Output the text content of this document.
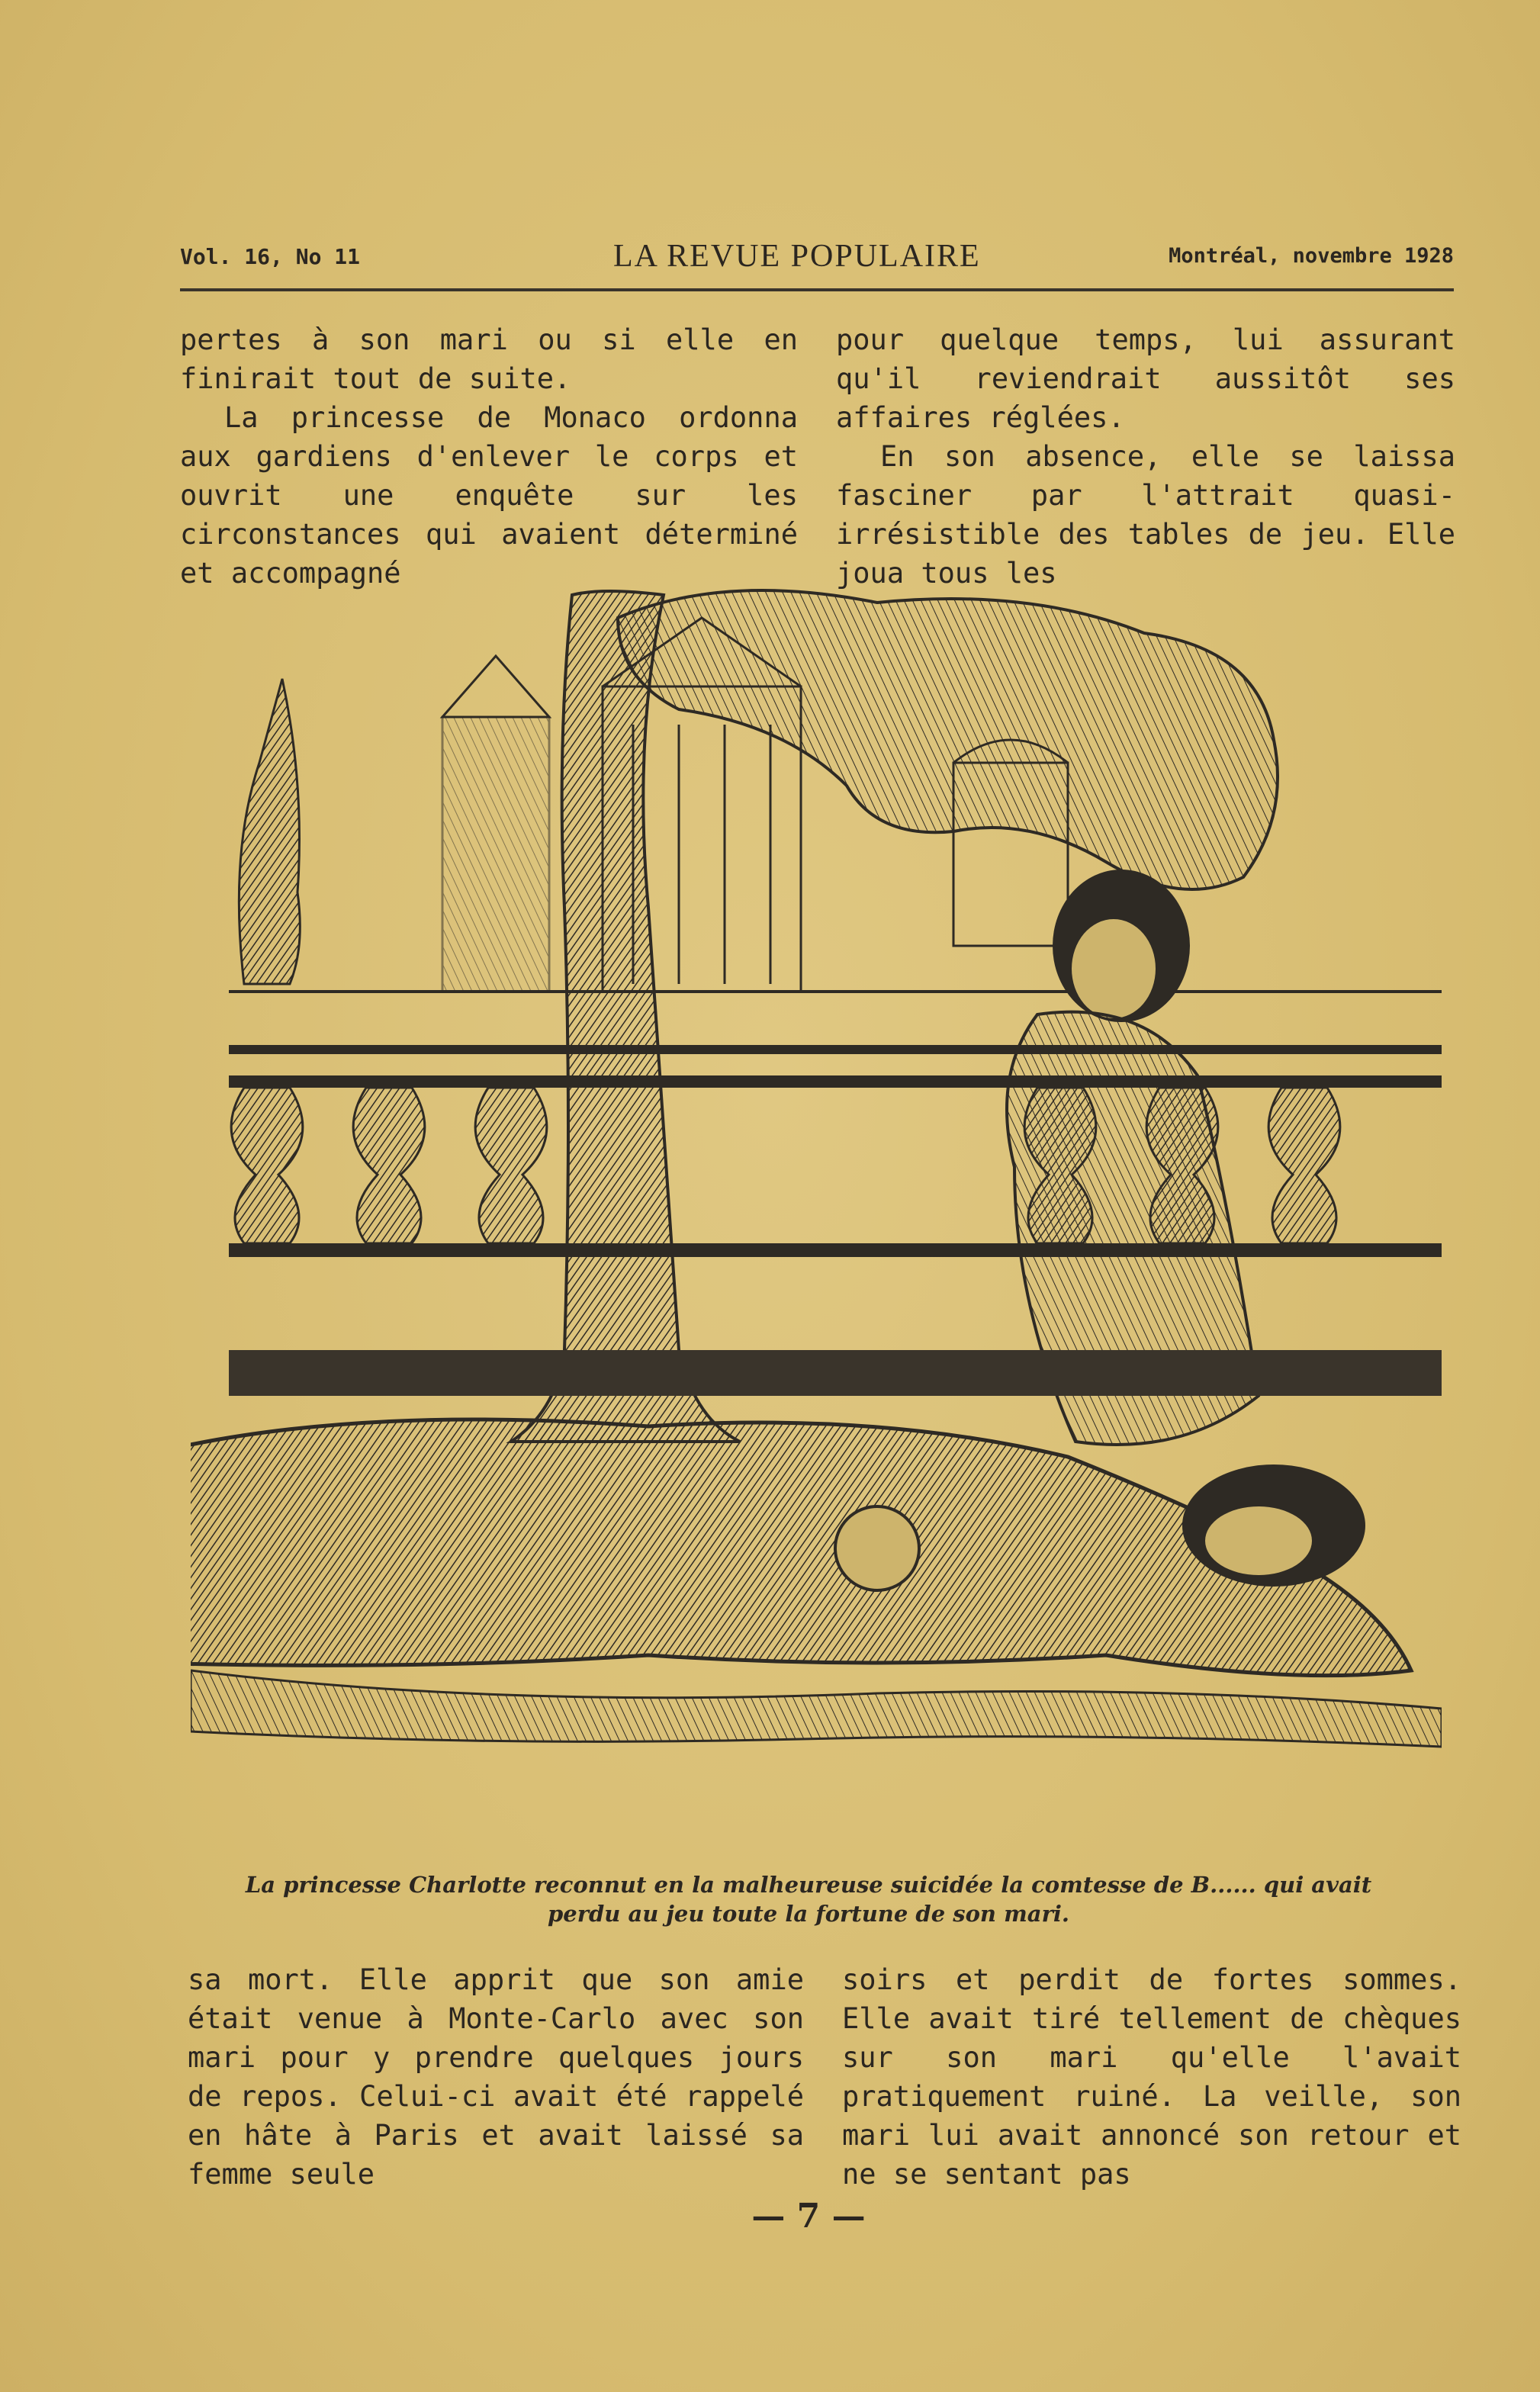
Vol. 16, No 11	LA REVUE POPULAIRE	Montréal, novembre 1928

pertes à son mari ou si elle en finirait tout de suite.

La princesse de Monaco ordonna aux gardiens d'enlever le corps et ouvrit une enquête sur les circonstances qui avaient déterminé et accompagné

pour quelque temps, lui assurant qu'il reviendrait aussitôt ses affaires réglées.

En son absence, elle se laissa fasciner par l'attrait quasi-irrésistible des tables de jeu. Elle joua tous les

La princesse Charlotte reconnut en la malheureuse suicidée la comtesse de B...... qui avait
perdu au jeu toute la fortune de son mari.

sa mort. Elle apprit que son amie était venue à Monte-Carlo avec son mari pour y prendre quelques jours de repos. Celui-ci avait été rappelé en hâte à Paris et avait laissé sa femme seule

soirs et perdit de fortes sommes. Elle avait tiré tellement de chèques sur son mari qu'elle l'avait pratiquement ruiné. La veille, son mari lui avait annoncé son retour et ne se sentant pas

— 7 —
